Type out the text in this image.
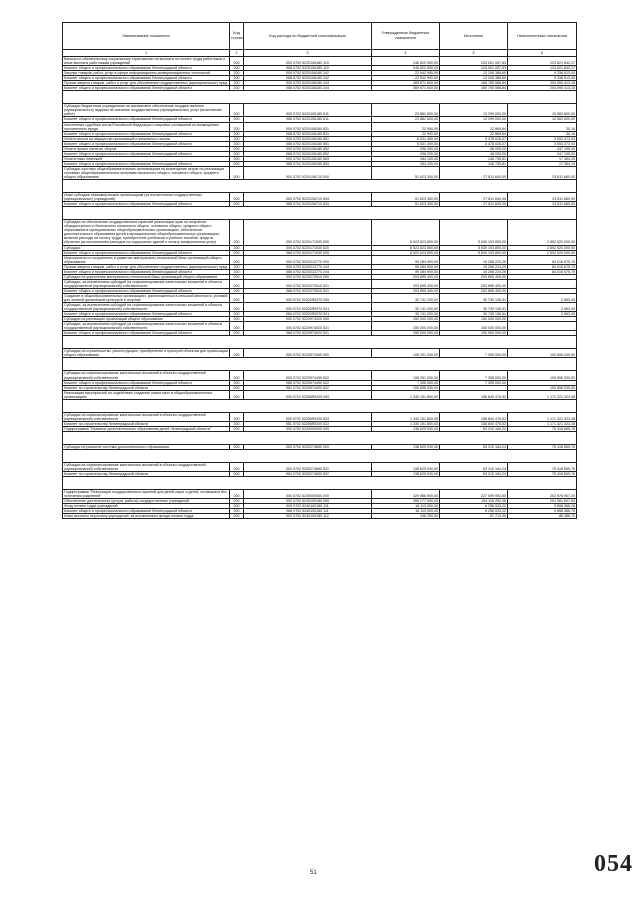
Наименование показателя	Код строки	Код расхода по бюджетной классификации	Утвержденные бюджетные назначения	Исполнено	Неисполненные назначения
1	2	3	4	5	6
Взносы по обязательному социальному страхованию на выплаты по оплате труда работников и иные выплаты работникам учреждений	200	000 0702 5220106180 119	246 622 900,00	123 001 057,83	123 621 842,17
Комитет общего и профессионального образования Ленинградской области	200	068 0702 5220106180 119	246 622 900,00	123 001 057,83	123 621 842,17
Закупка товаров, работ, услуг в сфере информационно-коммуникационных технологий	200	000 0702 5220106180 242	22 542 900,00	13 206 386,60	9 336 513,40
Комитет общего и профессионального образования Ленинградской области	200	068 0702 5220106180 242	22 542 900,00	13 206 386,60	9 336 513,40
Прочая закупка товаров, работ и услуг для обеспечения государственных (муниципальных) нужд	200	000 0702 5220106180 244	369 871 600,00	165 780 586,84	204 090 413,16
Комитет общего и профессионального образования Ленинградской области	200	068 0702 5220106180 244	369 871 600,00	165 780 586,84	204 090 413,16

Субсидии бюджетным учреждениям на финансовое обеспечение государственного (муниципального) задания на оказание государственных (муниципальных) услуг (выполнение работ)	200	000 0702 5220106180 611	23 882 800,00	13 299 000,00	10 583 800,00
Комитет общего и профессионального образования Ленинградской области	200	068 0702 5220106180 611	23 882 800,00	13 299 000,00	10 583 800,00
Исполнение судебных актов Российской Федерации и мировых соглашений по возмещению причиненного вреда	200	000 0702 5220106180 831	22 900,00	22 869,84	30,16
Комитет общего и профессионального образования Ленинградской области	200	068 0702 5220106180 831	22 900,00	22 869,84	30,16
Уплата налога на имущество организаций и земельного налога	200	000 0702 5220106180 851	6 531 400,00	3 478 026,07	3 053 373,93
Комитет общего и профессионального образования Ленинградской области	200	068 0702 5220106180 851	6 531 400,00	3 478 026,07	3 053 373,93
Уплата прочих налогов, сборов	200	000 0702 5220106180 852	296 200,00	48 005,00	247 195,00
Комитет общего и профессионального образования Ленинградской области	200	068 0702 5220106180 852	296 200,00	48 005,00	247 195,00
Уплата иных платежей	200	000 0702 5220106180 853	164 100,00	146 735,81	17 364,19
Комитет общего и профессионального образования Ленинградской области	200	068 0702 5220106180 853	164 100,00	146 735,81	17 364,19
Субсидии частным общеобразовательным организациям на возмещение затрат по реализации основных общеобразовательных программ начального общего, основного общего, среднего общего образования	200	000 0702 5220106710 000	51 623 300,00	27 811 640,00	23 811 660,00

Иные субсидии некоммерческим организациям (за исключением государственных (муниципальных) учреждений)	200	000 0702 5220106710 634	51 623 300,00	27 811 640,00	23 811 660,00
Комитет общего и профессионального образования Ленинградской области	200	068 0702 5220106710 634	51 623 300,00	27 811 640,00	23 811 660,00

Субсидии на обеспечение государственных гарантий реализации прав на получение общедоступного и бесплатного начального общего, основного общего, среднего общего образования в муниципальных общеобразовательных организациях, обеспечение дополнительного образования детей в муниципальных общеобразовательных организациях, включая расходы на оплату труда, приобретение учебников и учебных пособий, средств обучения (за исключением расходов на содержание зданий и оплату коммунальных услуг)	200	000 0702 5220171530 000	8 522 623 800,00	5 630 103 800,00	2 892 520 000,00
Субсидии	200	000 0702 5220171530 520	8 522 623 800,00	5 630 103 800,00	2 892 520 000,00
Комитет общего и профессионального образования Ленинградской области	200	068 0702 5220171530 520	8 522 623 800,00	5 630 103 800,00	2 892 520 000,00
Мероприятия по сохранению и развитию материально-технической базы организаций общего образования	200	000 0702 5220213770 000	99 284 900,00	15 268 224,25	84 016 675,75
Прочая закупка товаров, работ и услуг для обеспечения государственных (муниципальных) нужд	200	000 0702 5220213770 244	99 284 900,00	15 268 224,25	84 016 675,75
Комитет общего и профессионального образования Ленинградской области	200	068 0702 5220213770 244	99 284 900,00	15 268 224,25	84 016 675,75
Субсидии на укрепление материально-технической базы организаций общего образования	200	000 0702 5220270510 000	203 895 400,00	203 895 400,00	-
Субсидии, за исключением субсидий на софинансирование капитальных вложений в объекты государственной (муниципальной) собственности	200	000 0702 5220270510 521	203 895 400,00	203 895 400,00	-
Комитет общего и профессионального образования Ленинградской области	200	068 0702 5220270510 521	203 895 400,00	203 895 400,00	-
Создание в общеобразовательных организациях, расположенных в сельской местности, условий для занятий физической культурой и спортом	200	000 0702 52202R0970 000	30 741 200,00	30 739 136,51	2 063,49
Субсидии, за исключением субсидий на софинансирование капитальных вложений в объекты государственной (муниципальной) собственности	200	000 0702 52202R0970 521	30 741 200,00	30 739 136,51	2 063,49
Комитет общего и профессионального образования Ленинградской области	200	068 0702 52202R0970 521	30 741 200,00	30 739 136,51	2 063,49
Субсидии на реновацию организаций общего образования	200	000 0702 5220974020 000	150 000 000,00	150 000 000,00	-
Субсидии, за исключением субсидий на софинансирование капитальных вложений в объекты государственной (муниципальной) собственности	200	000 0702 5220974020 521	150 000 000,00	150 000 000,00	-
Комитет общего и профессионального образования Ленинградской области	200	068 0702 5220974020 521	150 000 000,00	150 000 000,00	-

Субсидии на строительство, реконструкцию, приобретение и пристрой объектов для организации общего образования	200	000 0702 5220574490 000	108 291 030,00	7 395 000,00	100 896 030,00

Субсидии на софинансирование капитальных вложений в объекты государственной (муниципальной) собственности	200	000 0702 5220574490 522	108 291 030,00	7 395 000,00	100 896 030,00
Комитет общего и профессионального образования Ленинградской области	200	068 0702 5220574490 522	7 395 000,00	7 395 000,00	-
Комитет по строительству Ленинградской области	200	981 0702 5220574490 522	100 896 030,00	-	100 896 030,00
Реализация мероприятий по содействию созданию новых мест в общеобразовательных организациях	200	000 0702 52255R5200 000	1 330 151 800,00	158 840 476,52	1 171 321 323,48

Субсидии на софинансирование капитальных вложений в объекты государственной (муниципальной) собственности	200	000 0702 52255R5200 522	1 330 151 800,00	158 840 476,52	1 171 321 323,48
Комитет по строительству Ленинградской области	200	981 0702 52255R5200 522	1 330 151 800,00	158 840 476,52	1 171 321 323,48
Подпрограмма "Развитие дополнительного образования детей Ленинградской области"	200	000 0702 5230000000 000	138 629 030,00	63 210 164,24	75 418 865,76

Субсидии на развитие системы дополнительного образования	200	000 0702 5230274650 000	138 629 030,00	63 210 164,24	75 418 865,76

Субсидии на софинансирование капитальных вложений в объекты государственной (муниципальной) собственности	200	000 0702 5230274650 522	138 629 030,00	63 210 164,24	75 418 865,76
Комитет по строительству Ленинградской области	200	981 0702 5230274650 522	138 629 030,00	63 210 164,24	75 418 865,76

Подпрограмма "Реализация государственных гарантий для детей-сирот и детей, оставшихся без попечения родителей"	200	000 0702 5240000000 000	429 986 900,00	227 009 992,80	202 976 907,20
Обеспечение деятельности (услуги, работы) государственных учреждений	200	000 0702 5240100180 000	395 277 900,00	194 116 292,06	201 061 607,94
Фонд оплаты труда учреждений	200	000 0702 5240100180 111	16 113 900,00	6 256 533,22	9 856 366,78
Комитет общего и профессионального образования Ленинградской области	200	068 0702 5240100180 111	16 113 900,00	6 256 533,22	9 856 366,78
Иные выплаты персоналу учреждений, за исключением фонда оплаты труда	200	000 0702 5240100180 112	146 200,00	57 713,30	88 486,70
51	054
